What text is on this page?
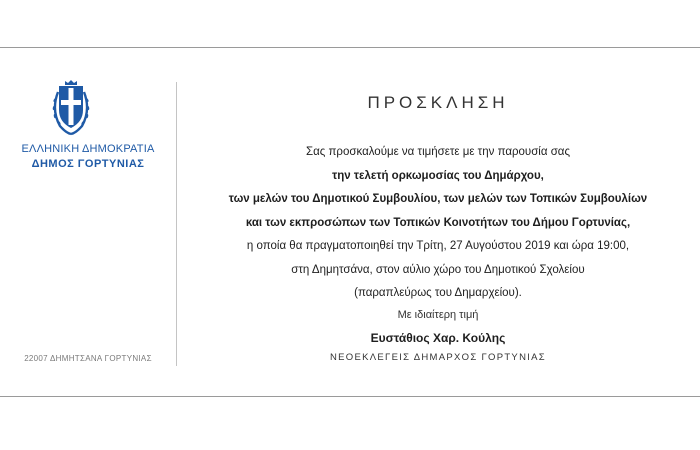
ΕΛΛΗΝΙΚΗ ΔΗΜΟΚΡΑΤΙΑ
ΔΗΜΟΣ ΓΟΡΤΥΝΙΑΣ
22007 ΔΗΜΗΤΣΑΝΑ ΓΟΡΤΥΝΙΑΣ
ΠΡΟΣΚΛΗΣΗ
Σας προσκαλούμε να τιμήσετε με την παρουσία σας
την τελετή ορκωμοσίας του Δημάρχου,
των μελών του Δημοτικού Συμβουλίου, των μελών των Τοπικών Συμβουλίων
και των εκπροσώπων των Τοπικών Κοινοτήτων του Δήμου Γορτυνίας,
η οποία θα πραγματοποιηθεί την Τρίτη, 27 Αυγούστου 2019 και ώρα 19:00,
στη Δημητσάνα, στον αύλιο χώρο του Δημοτικού Σχολείου
(παραπλεύρως του Δημαρχείου).
Με ιδιαίτερη τιμή
Ευστάθιος Χαρ. Κούλης
ΝΕΟΕΚΛΕΓΕΙΣ ΔΗΜΑΡΧΟΣ ΓΟΡΤΥΝΙΑΣ
